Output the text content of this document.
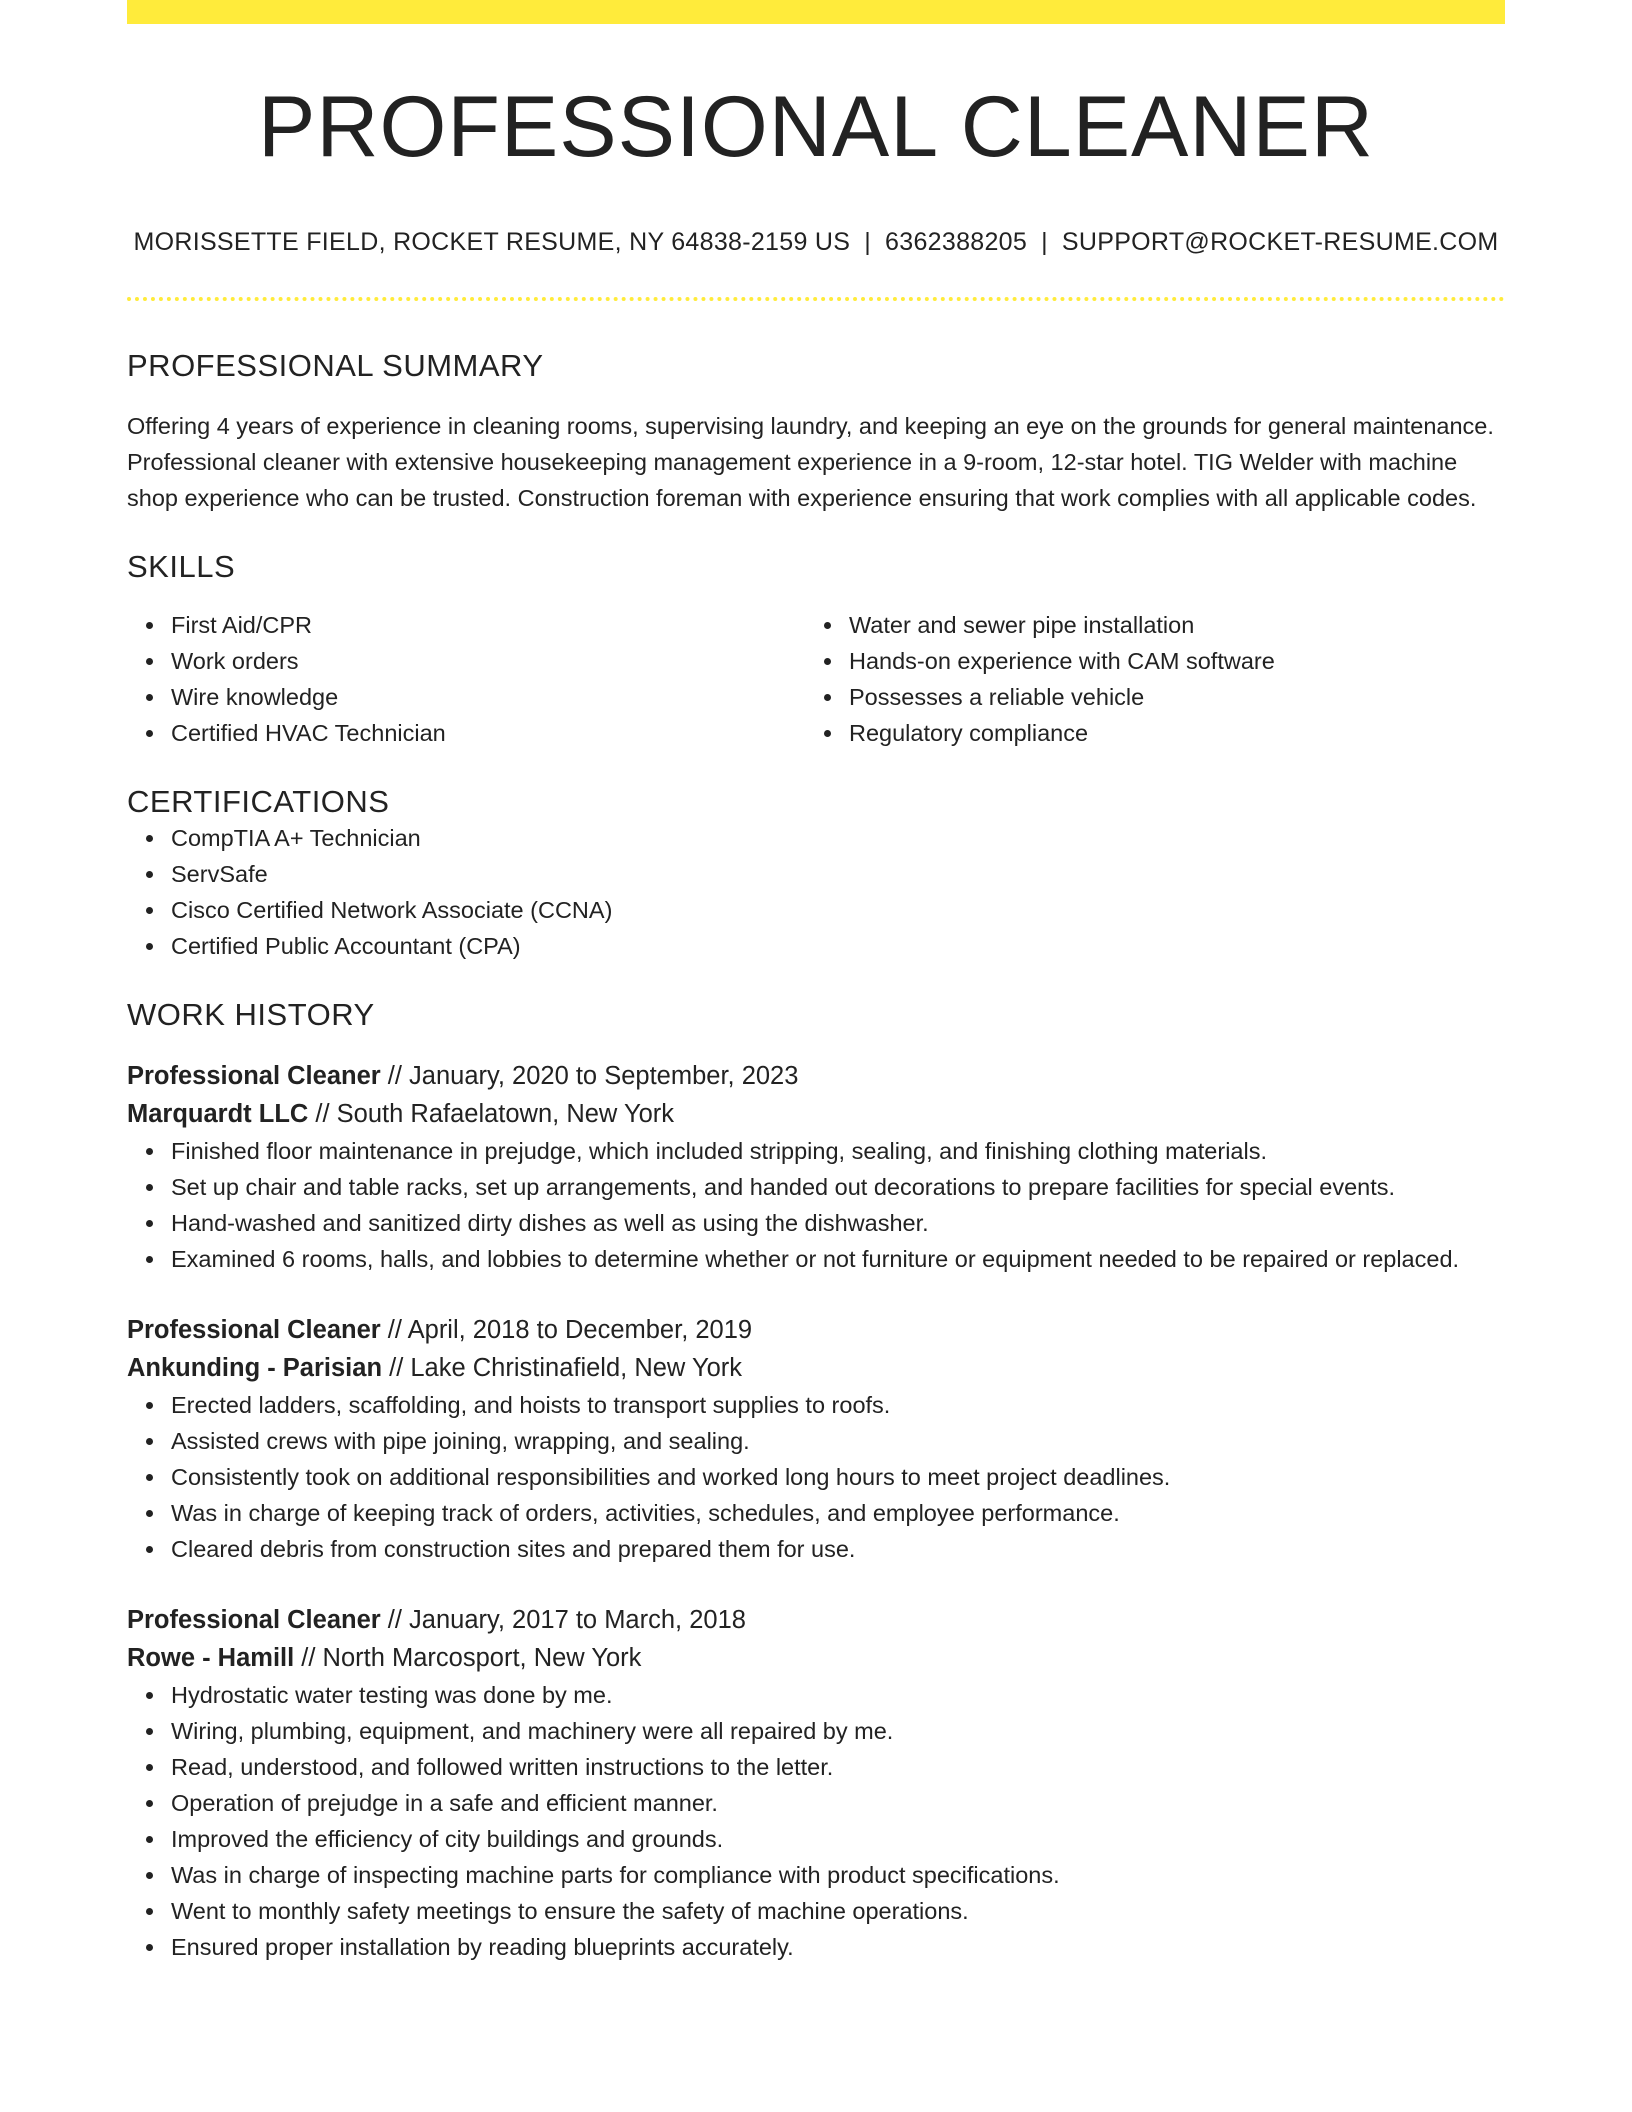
PROFESSIONAL CLEANER
MORISSETTE FIELD, ROCKET RESUME, NY 64838-2159 US | 6362388205 | SUPPORT@ROCKET-RESUME.COM
PROFESSIONAL SUMMARY

Offering 4 years of experience in cleaning rooms, supervising laundry, and keeping an eye on the grounds for general maintenance. Professional cleaner with extensive housekeeping management experience in a 9-room, 12-star hotel. TIG Welder with machine shop experience who can be trusted. Construction foreman with experience ensuring that work complies with all applicable codes.

SKILLS
First Aid/CPR
Work orders
Wire knowledge
Certified HVAC Technician
Water and sewer pipe installation
Hands-on experience with CAM software
Possesses a reliable vehicle
Regulatory compliance
CERTIFICATIONS
CompTIA A+ Technician
ServSafe
Cisco Certified Network Associate (CCNA)
Certified Public Accountant (CPA)
WORK HISTORY
Professional Cleaner // January, 2020 to September, 2023
Marquardt LLC // South Rafaelatown, New York
Finished floor maintenance in prejudge, which included stripping, sealing, and finishing clothing materials.
Set up chair and table racks, set up arrangements, and handed out decorations to prepare facilities for special events.
Hand-washed and sanitized dirty dishes as well as using the dishwasher.
Examined 6 rooms, halls, and lobbies to determine whether or not furniture or equipment needed to be repaired or replaced.
Professional Cleaner // April, 2018 to December, 2019
Ankunding - Parisian // Lake Christinafield, New York
Erected ladders, scaffolding, and hoists to transport supplies to roofs.
Assisted crews with pipe joining, wrapping, and sealing.
Consistently took on additional responsibilities and worked long hours to meet project deadlines.
Was in charge of keeping track of orders, activities, schedules, and employee performance.
Cleared debris from construction sites and prepared them for use.
Professional Cleaner // January, 2017 to March, 2018
Rowe - Hamill // North Marcosport, New York
Hydrostatic water testing was done by me.
Wiring, plumbing, equipment, and machinery were all repaired by me.
Read, understood, and followed written instructions to the letter.
Operation of prejudge in a safe and efficient manner.
Improved the efficiency of city buildings and grounds.
Was in charge of inspecting machine parts for compliance with product specifications.
Went to monthly safety meetings to ensure the safety of machine operations.
Ensured proper installation by reading blueprints accurately.
